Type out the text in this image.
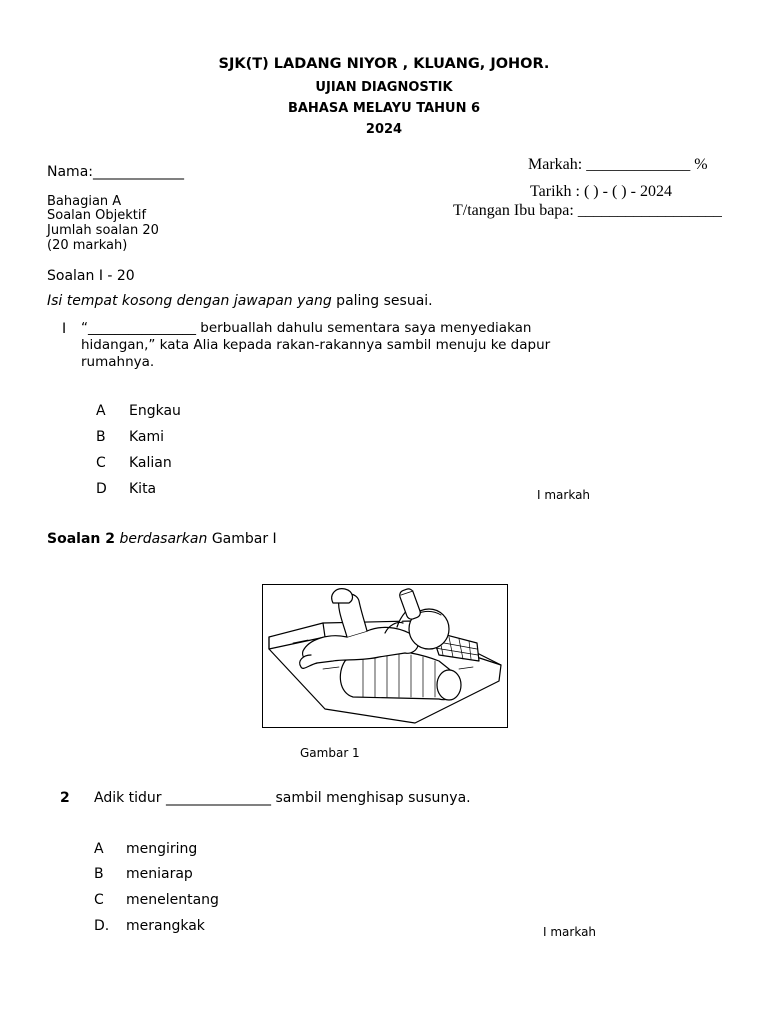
SJK(T) LADANG NIYOR , KLUANG, JOHOR.
UJIAN DIAGNOSTIK
BAHASA MELAYU TAHUN 6
2024
Nama:_____________
Bahagian A
Soalan Objektif
Jumlah soalan 20
(20 markah)
Markah: _____________ %
Tarikh : ( ) - ( ) - 2024
T/tangan Ibu bapa: __________________
Soalan I - 20
Isi tempat kosong dengan jawapan yang paling sesuai.
I “________________ berbuallah dahulu sementara saya menyediakan hidangan,” kata Alia kepada rakan-rakannya sambil menuju ke dapur rumahnya.
A Engkau
B Kami
C Kalian
D Kita	I markah
Soalan 2 berdasarkan Gambar I
Gambar 1
2 Adik tidur _______________ sambil menghisap susunya.
A mengiring
B meniarap
C menelentang
D. merangkak	I markah
